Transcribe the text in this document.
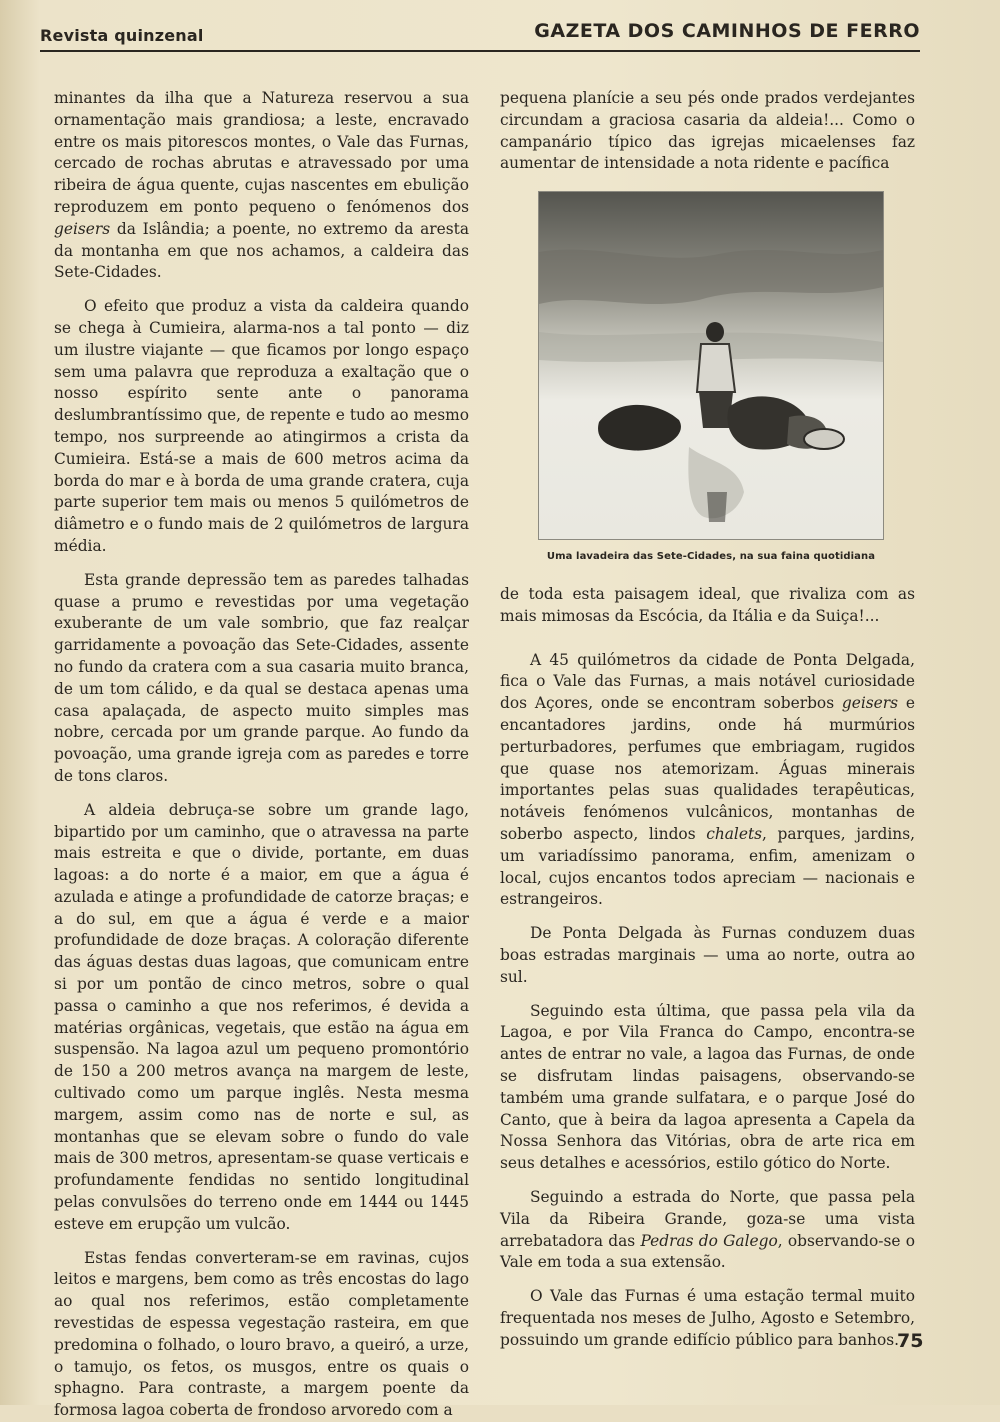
Revista quinzenal	GAZETA DOS CAMINHOS DE FERRO

minantes da ilha que a Natureza reservou a sua ornamentação mais grandiosa; a leste, encravado entre os mais pitorescos montes, o Vale das Furnas, cercado de rochas abrutas e atravessado por uma ribeira de água quente, cujas nascentes em ebulição reproduzem em ponto pequeno o fenómenos dos geisers da Islândia; a poente, no extremo da aresta da montanha em que nos achamos, a caldeira das Sete-Cidades.

O efeito que produz a vista da caldeira quando se chega à Cumieira, alarma-nos a tal ponto — diz um ilustre viajante — que ficamos por longo espaço sem uma palavra que reproduza a exaltação que o nosso espírito sente ante o panorama deslumbrantíssimo que, de repente e tudo ao mesmo tempo, nos surpreende ao atingirmos a crista da Cumieira. Está-se a mais de 600 metros acima da borda do mar e à borda de uma grande cratera, cuja parte superior tem mais ou menos 5 quilómetros de diâmetro e o fundo mais de 2 quilómetros de largura média.

Esta grande depressão tem as paredes talhadas quase a prumo e revestidas por uma vegetação exuberante de um vale sombrio, que faz realçar garridamente a povoação das Sete-Cidades, assente no fundo da cratera com a sua casaria muito branca, de um tom cálido, e da qual se destaca apenas uma casa apalaçada, de aspecto muito simples mas nobre, cercada por um grande parque. Ao fundo da povoação, uma grande igreja com as paredes e torre de tons claros.

A aldeia debruça-se sobre um grande lago, bipartido por um caminho, que o atravessa na parte mais estreita e que o divide, portante, em duas lagoas: a do norte é a maior, em que a água é azulada e atinge a profundidade de catorze braças; e a do sul, em que a água é verde e a maior profundidade de doze braças. A coloração diferente das águas destas duas lagoas, que comunicam entre si por um pontão de cinco metros, sobre o qual passa o caminho a que nos referimos, é devida a matérias orgânicas, vegetais, que estão na água em suspensão. Na lagoa azul um pequeno promontório de 150 a 200 metros avança na margem de leste, cultivado como um parque inglês. Nesta mesma margem, assim como nas de norte e sul, as montanhas que se elevam sobre o fundo do vale mais de 300 metros, apresentam-se quase verticais e profundamente fendidas no sentido longitudinal pelas convulsões do terreno onde em 1444 ou 1445 esteve em erupção um vulcão.

Estas fendas converteram-se em ravinas, cujos leitos e margens, bem como as três encostas do lago ao qual nos referimos, estão completamente revestidas de espessa vegestação rasteira, em que predomina o folhado, o louro bravo, a queiró, a urze, o tamujo, os fetos, os musgos, entre os quais o sphagno. Para contraste, a margem poente da formosa lagoa coberta de frondoso arvoredo com a

pequena planície a seu pés onde prados verdejantes circundam a graciosa casaria da aldeia!... Como o campanário típico das igrejas micaelenses faz aumentar de intensidade a nota ridente e pacífica

Uma lavadeira das Sete-Cidades, na sua faina quotidiana

de toda esta paisagem ideal, que rivaliza com as mais mimosas da Escócia, da Itália e da Suiça!...

A 45 quilómetros da cidade de Ponta Delgada, fica o Vale das Furnas, a mais notável curiosidade dos Açores, onde se encontram soberbos geisers e encantadores jardins, onde há murmúrios perturbadores, perfumes que embriagam, rugidos que quase nos atemorizam. Águas minerais importantes pelas suas qualidades terapêuticas, notáveis fenómenos vulcânicos, montanhas de soberbo aspecto, lindos chalets, parques, jardins, um variadíssimo panorama, enfim, amenizam o local, cujos encantos todos apreciam — nacionais e estrangeiros.

De Ponta Delgada às Furnas conduzem duas boas estradas marginais — uma ao norte, outra ao sul.

Seguindo esta última, que passa pela vila da Lagoa, e por Vila Franca do Campo, encontra-se antes de entrar no vale, a lagoa das Furnas, de onde se disfrutam lindas paisagens, observando-se também uma grande sulfatara, e o parque José do Canto, que à beira da lagoa apresenta a Capela da Nossa Senhora das Vitórias, obra de arte rica em seus detalhes e acessórios, estilo gótico do Norte.

Seguindo a estrada do Norte, que passa pela Vila da Ribeira Grande, goza-se uma vista arrebatadora das Pedras do Galego, observando-se o Vale em toda a sua extensão.

O Vale das Furnas é uma estação termal muito frequentada nos meses de Julho, Agosto e Setembro, possuindo um grande edifício público para banhos.

75
